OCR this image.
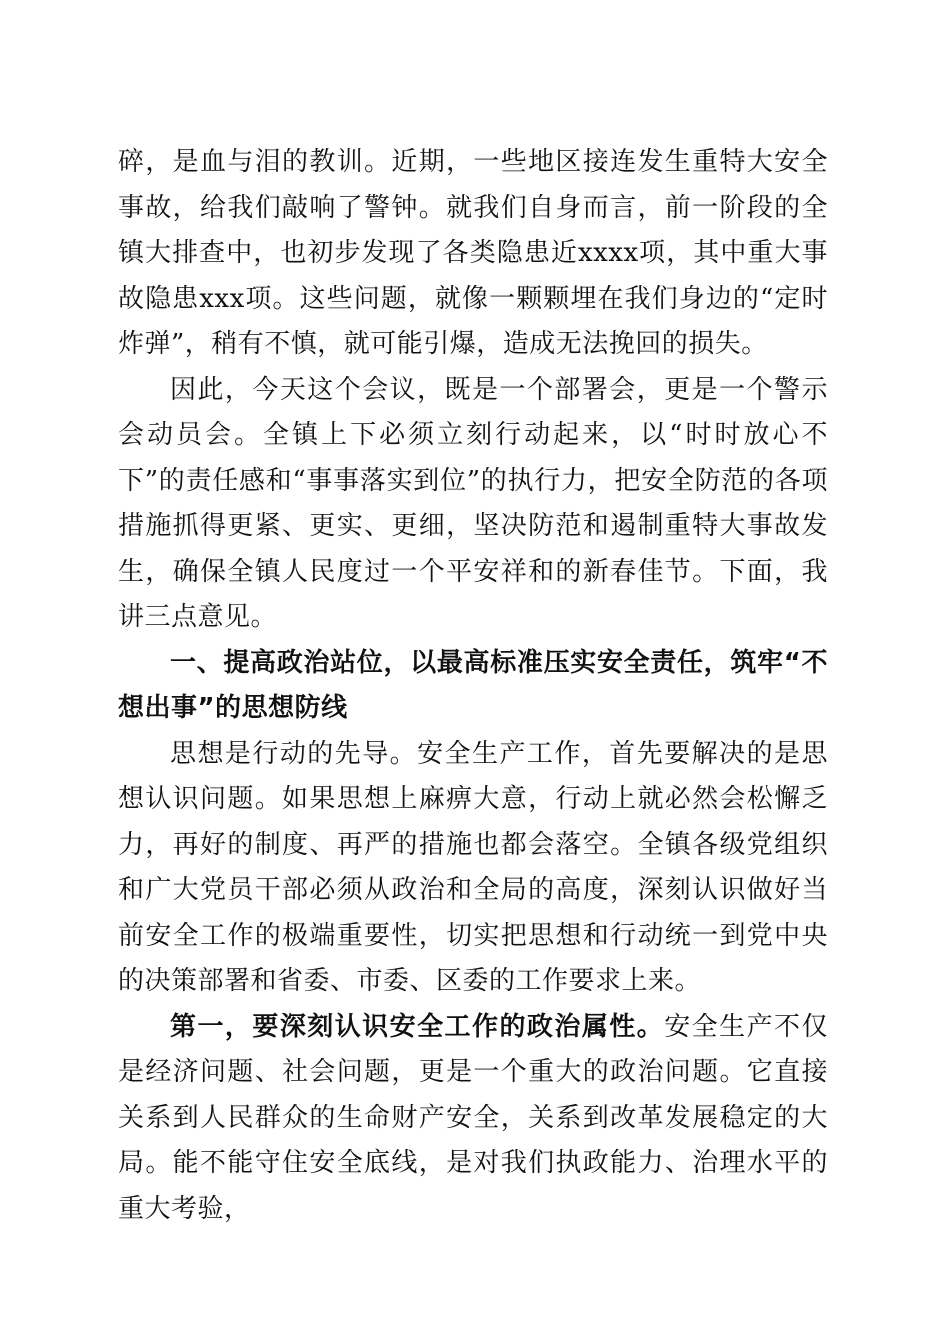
碎，是血与泪的教训。近期，一些地区接连发生重特大安全事故，给我们敲响了警钟。就我们自身而言，前一阶段的全镇大排查中，也初步发现了各类隐患近xxxx项，其中重大事故隐患xxx项。这些问题，就像一颗颗埋在我们身边的“定时炸弹”，稍有不慎，就可能引爆，造成无法挽回的损失。

因此，今天这个会议，既是一个部署会，更是一个警示会动员会。全镇上下必须立刻行动起来，以“时时放心不下”的责任感和“事事落实到位”的执行力，把安全防范的各项措施抓得更紧、更实、更细，坚决防范和遏制重特大事故发生，确保全镇人民度过一个平安祥和的新春佳节。下面，我讲三点意见。

一、提高政治站位，以最高标准压实安全责任，筑牢“不想出事”的思想防线

思想是行动的先导。安全生产工作，首先要解决的是思想认识问题。如果思想上麻痹大意，行动上就必然会松懈乏力，再好的制度、再严的措施也都会落空。全镇各级党组织和广大党员干部必须从政治和全局的高度，深刻认识做好当前安全工作的极端重要性，切实把思想和行动统一到党中央的决策部署和省委、市委、区委的工作要求上来。

第一，要深刻认识安全工作的政治属性。安全生产不仅是经济问题、社会问题，更是一个重大的政治问题。它直接关系到人民群众的生命财产安全，关系到改革发展稳定的大局。能不能守住安全底线，是对我们执政能力、治理水平的重大考验，
